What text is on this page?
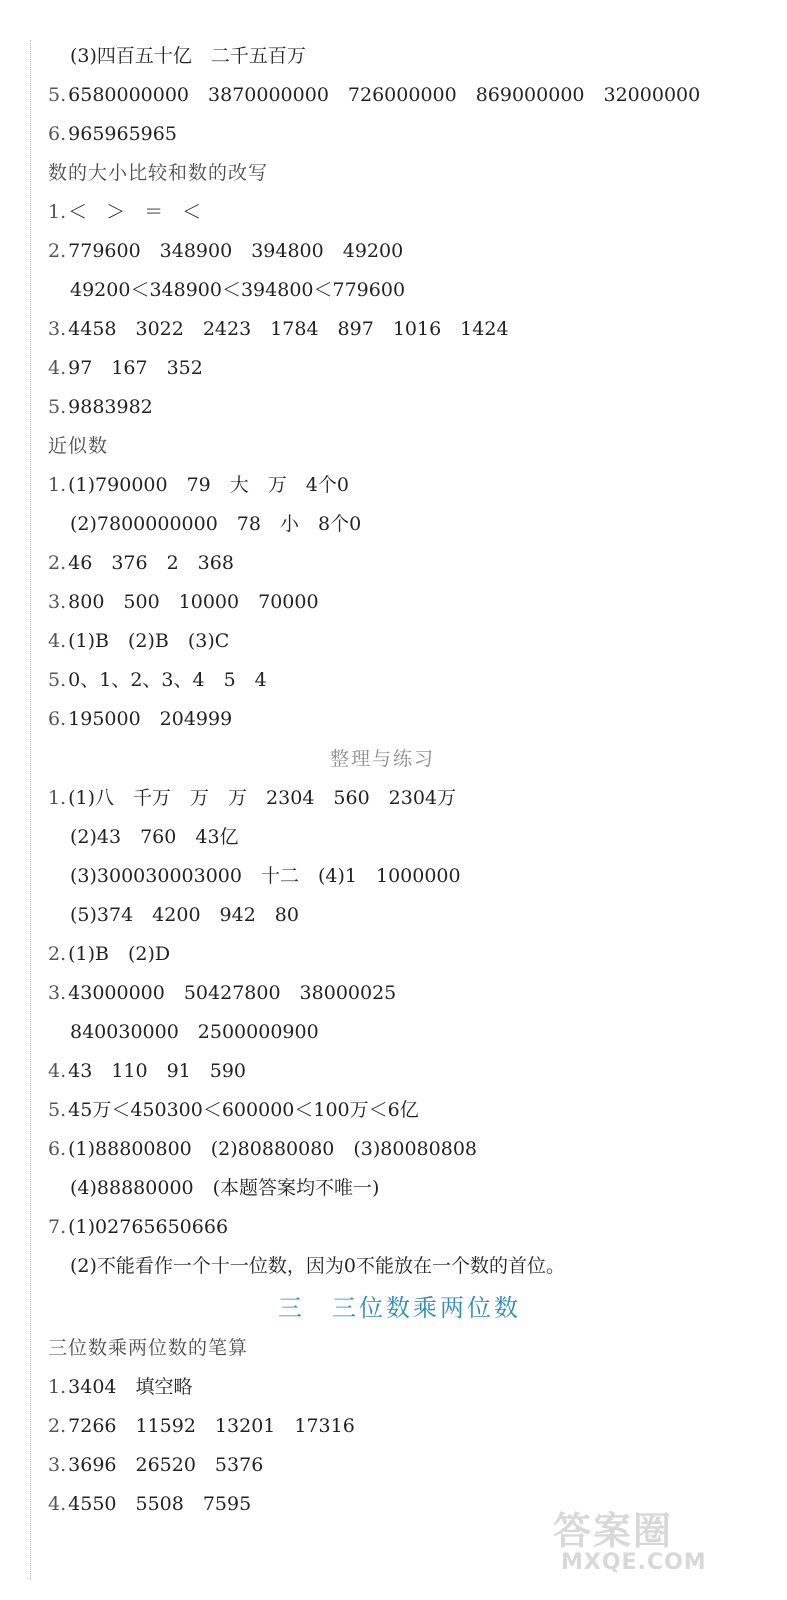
(3)四百五十亿　二千五百万
5. 6580000000　3870000000　726000000　869000000　32000000
6. 965965965
数的大小比较和数的改写
1. ＜　＞　＝　＜
2. 779600　348900　394800　49200
49200＜348900＜394800＜779600
3. 4458　3022　2423　1784　897　1016　1424
4. 97　167　352
5. 9883982
近似数
1. (1)790000　79　大　万　4个0
(2)7800000000　78　小　8个0
2. 46　376　2　368
3. 800　500　10000　70000
4. (1)B　(2)B　(3)C
5. 0、1、2、3、4　5　4
6. 195000　204999
整理与练习
1. (1)八　千万　万　万　2304　560　2304万
(2)43　760　43亿
(3)300030003000　十二　(4)1　1000000
(5)374　4200　942　80
2. (1)B　(2)D
3. 43000000　50427800　38000025
840030000　2500000900
4. 43　110　91　590
5. 45万＜450300＜600000＜100万＜6亿
6. (1)88800800　(2)80880080　(3)80080808
(4)88880000　(本题答案均不唯一)
7. (1)02765650666
(2)不能看作一个十一位数，因为0不能放在一个数的首位。
三　三位数乘两位数
三位数乘两位数的笔算
1. 3404　填空略
2. 7266　11592　13201　17316
3. 3696　26520　5376
4. 4550　5508　7595
答案圈
MXQE.COM
